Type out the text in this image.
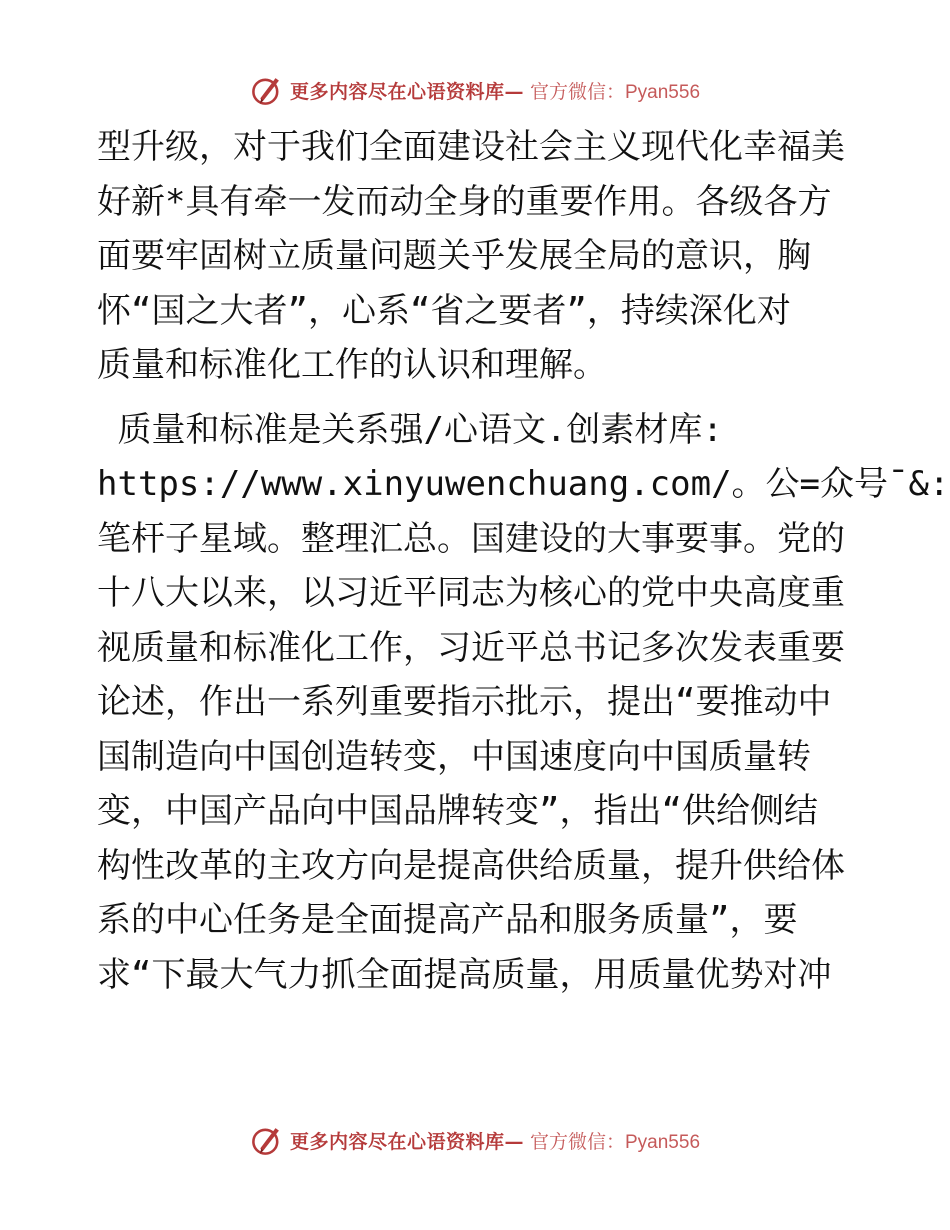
更多内容尽在心语资料库— 官方微信：Pyan556
型升级，对于我们全面建设社会主义现代化幸福美
好新*具有牵一发而动全身的重要作用。各级各方
面要牢固树立质量问题关乎发展全局的意识，胸
怀“国之大者”，心系“省之要者”，持续深化对
质量和标准化工作的认识和理解。
质量和标准是关系强/心语文.创素材库:
https://www.xinyuwenchuang.com/。公=众号¯&:
笔杆子星域。整理汇总。国建设的大事要事。党的
十八大以来，以习近平同志为核心的党中央高度重
视质量和标准化工作，习近平总书记多次发表重要
论述，作出一系列重要指示批示，提出“要推动中
国制造向中国创造转变，中国速度向中国质量转
变，中国产品向中国品牌转变”，指出“供给侧结
构性改革的主攻方向是提高供给质量，提升供给体
系的中心任务是全面提高产品和服务质量”，要
求“下最大气力抓全面提高质量，用质量优势对冲
更多内容尽在心语资料库— 官方微信：Pyan556
